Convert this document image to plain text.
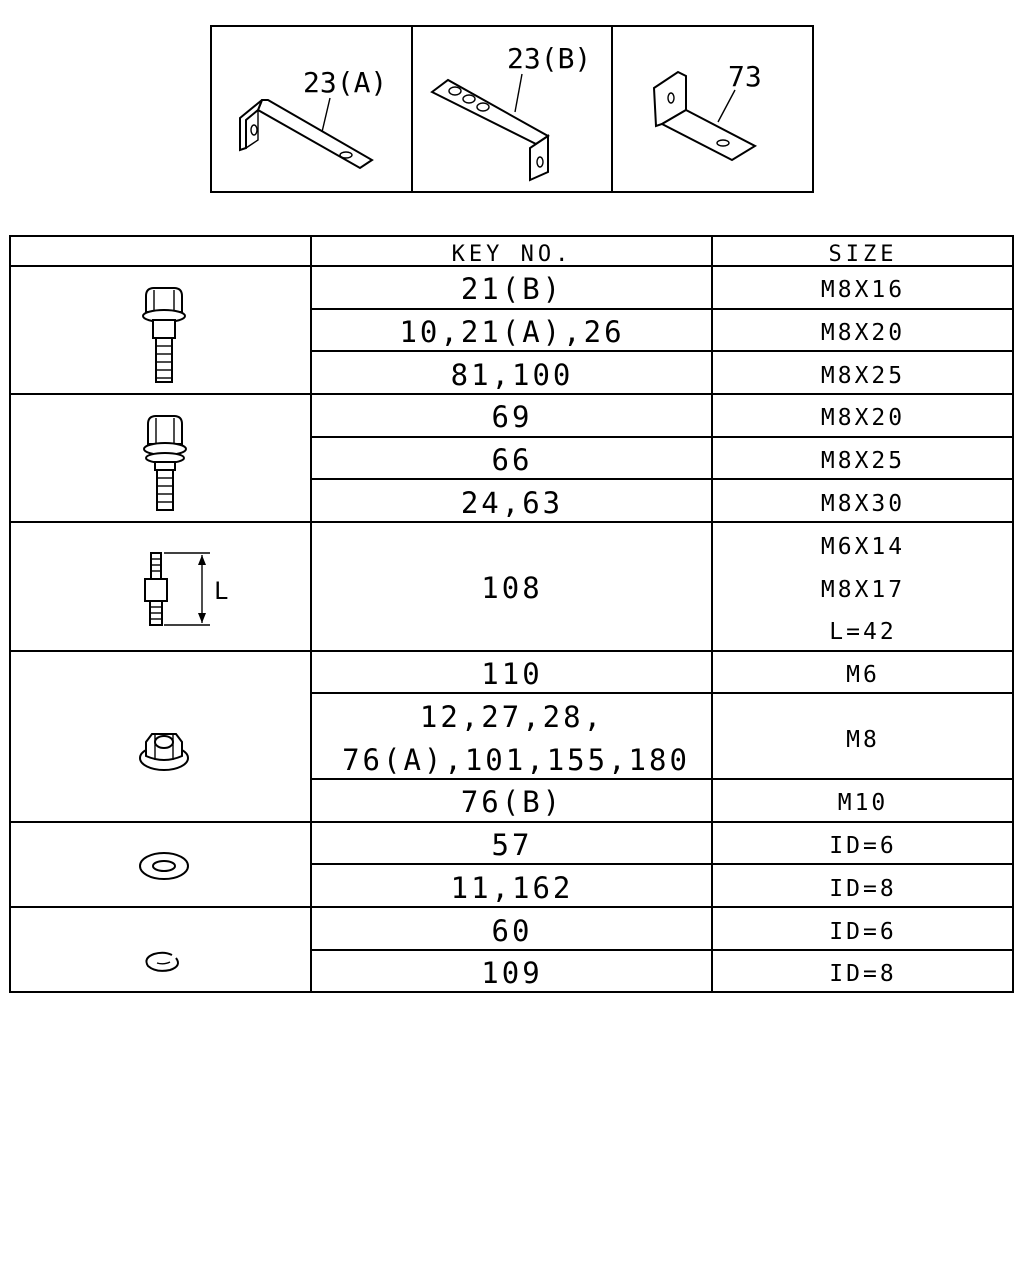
23(A)
23(B)
73
KEY NO.	SIZE
21(B)
10,21(A),26
81,100
69
66
24,63
108
110
12,27,28,
76(A),101,155,180
76(B)
57
11,162
60
109
M8X16
M8X20
M8X25
M8X20
M8X25
M8X30
M6X14
M8X17
L=42
M6
M8
M10
ID=6
ID=8
ID=6
ID=8
L
